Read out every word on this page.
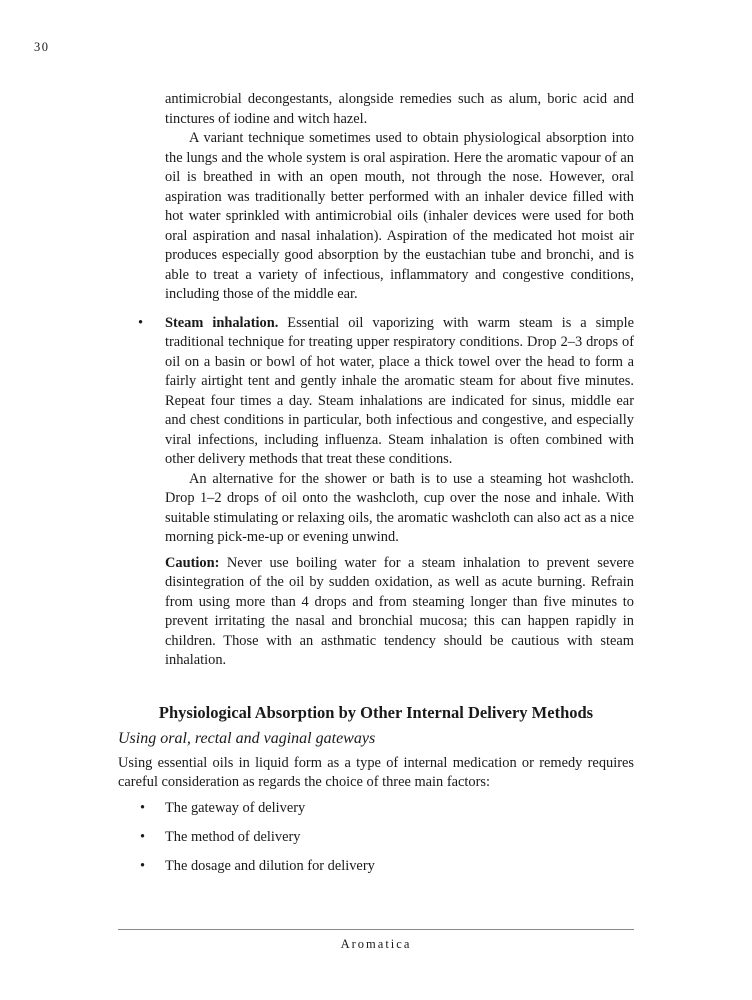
30

antimicrobial decongestants, alongside remedies such as alum, boric acid and tinctures of iodine and witch hazel.

A variant technique sometimes used to obtain physiological absorption into the lungs and the whole system is oral aspiration. Here the aromatic vapour of an oil is breathed in with an open mouth, not through the nose. However, oral aspiration was traditionally better performed with an inhaler device filled with hot water sprinkled with antimicrobial oils (inhaler devices were used for both oral aspiration and nasal inhalation). Aspiration of the medicated hot moist air produces especially good absorption by the eustachian tube and bronchi, and is able to treat a variety of infectious, inflammatory and congestive conditions, including those of the middle ear.

• Steam inhalation. Essential oil vaporizing with warm steam is a simple traditional technique for treating upper respiratory conditions. Drop 2–3 drops of oil on a basin or bowl of hot water, place a thick towel over the head to form a fairly airtight tent and gently inhale the aromatic steam for about five minutes. Repeat four times a day. Steam inhalations are indicated for sinus, middle ear and chest conditions in particular, both infectious and congestive, and especially viral infections, including influenza. Steam inhalation is often combined with other delivery methods that treat these conditions.

An alternative for the shower or bath is to use a steaming hot washcloth. Drop 1–2 drops of oil onto the washcloth, cup over the nose and inhale. With suitable stimulating or relaxing oils, the aromatic washcloth can also act as a nice morning pick-me-up or evening unwind.

Caution: Never use boiling water for a steam inhalation to prevent severe disintegration of the oil by sudden oxidation, as well as acute burning. Refrain from using more than 4 drops and from steaming longer than five minutes to prevent irritating the nasal and bronchial mucosa; this can happen rapidly in children. Those with an asthmatic tendency should be cautious with steam inhalation.

Physiological Absorption by Other Internal Delivery Methods
Using oral, rectal and vaginal gateways

Using essential oils in liquid form as a type of internal medication or remedy requires careful consideration as regards the choice of three main factors:

• The gateway of delivery
• The method of delivery
• The dosage and dilution for delivery
Aromatica
